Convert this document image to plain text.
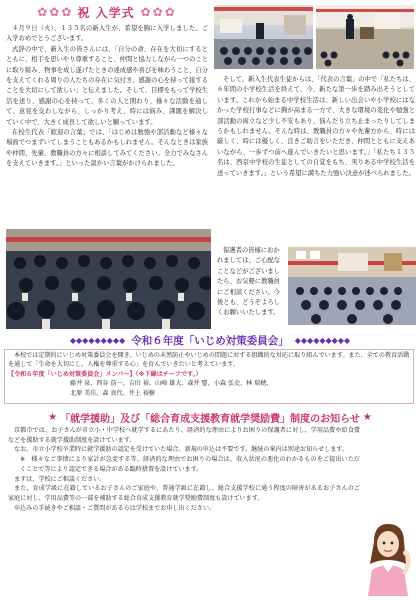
✿ ✿ ✿ 祝 入学式 ✿ ✿ ✿

４月９日（火）、１３５名の新入生が、希望を胸に入学しました。ご入学おめでとうございます。

式辞の中で、新入生の皆さんには、「自分の命、存在を大切にするとともに、相手を思いやり尊重すること、仲間と協力しながら一つのことに取り組み、物事を成し遂げたときの達成感や喜びを味わうこと、自分を支えてくれる周りの人たちの存在に気付き、感謝の心を持って接することを大切にして欲しい」と伝えました。そして、目標をもって学校生活を送り、感謝の心を持って、多くの人と関わり、様々な活動を通して、意見を交わしながら、しっかり考え、時には悩み、課題を解決していく中で、大きく成長して欲しいと願っています。

在校生代表「歓迎の言葉」では、「はじめは勉強や部活動など様々な場面でつまずいてしまうこともあるかもしれません。そんなときは家族や仲間、先輩、教職員の方々に相談してみてください。全力でみなさんを支えていきます。」といった温かい言葉がかけられました。

そして、新入生代表生徒からは、「代表の言葉」の中で「私たちは、６年間の小学校生活を終えて、今、新たな第一歩を踏み出そうとしています。これから始まる中学校生活は、新しい出会いや小学校にはなかった学校行事などに胸が高まる一方で、大きな環境の変化や勉強と部活動の両立など少し不安もあり、悩んだり立ち止まったりしてしまうかもしれません。そんな時は、教職員の方々や先輩方から、時には厳しく、時には優しく、良きご助言をいただき、仲間とともに支えあいながら、一歩ずつ前へ進んでいきたいと思います。」「私たち１３５名は、西京中学校の生徒としての自覚をもち、実りある中学校生活を送っていきます。」という希望に満ちた力強い決意が述べられました。

保護者の皆様におかれましては、ご心配なことなどがございましたら、お気軽に教職員にご相談ください。今後とも、どうぞよろしくお願いいたします。

◆◆◆◆◆◆◆◆◆ 令和６年度「いじめ対策委員会」 ◆◆◆◆◆◆◆◆◆

本校では定期的にいじめ対策委員会を開き、いじめの未然防止やいじめの問題に対する組織的な対応に取り組んでいます。また、全ての教育活動を通して「生命を大切にし、人権を尊重する心」を育んでいきたいと考えています。

【令和６年度「いじめ対策委員会」メンバー】（※下線はチーフです。）
藤井 泉、西谷 浩一、吉田 裕、山崎 雄大、森井 聖、小森 弘史、林 瑞穂、
北原 美佳、森 真代、井上 裕樹
★ 「就学援助」及び「総合育成支援教育就学奨励費」制度のお知らせ ★

京都市では、お子さんが市立小・中学校へ就学するにあたり、経済的な理由によりお困りの保護者に対し、学用品費や給食費などを援助する就学援助制度を設けています。

なお、市立小学校卒業時に就学援助の認定を受けていた場合、新規の申込は不要です。継続の案内は別途お知らせします。

※　様々なご事情により家計が急変する等、経済的な理由でお困りの場合は、収入状況の悪化のわかるものをご提出いただくことで等により認定できる場合がある臨時措置を設けています。

まずは、学校にご相談ください。

また、育成学級に在籍しているお子さんのご家庭や、普通学級に在籍し、総合支援学校に通う程度の障害があるお子さんのご家庭に対し、学用品費等の一部を補助する総合育成支援教育就学奨励費制度も設けています。

申込みの手続きやご相談・ご質問がある方は学校までお申し出ください。
